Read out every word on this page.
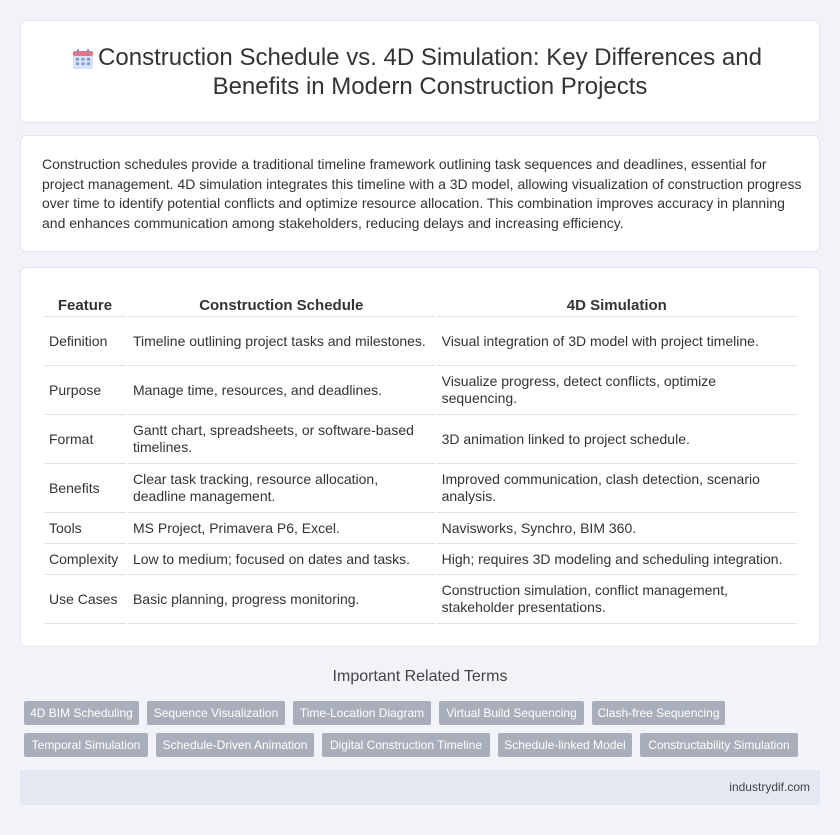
Construction Schedule vs. 4D Simulation: Key Differences and Benefits in Modern Construction Projects

Construction schedules provide a traditional timeline framework outlining task sequences and deadlines, essential for project management. 4D simulation integrates this timeline with a 3D model, allowing visualization of construction progress over time to identify potential conflicts and optimize resource allocation. This combination improves accuracy in planning and enhances communication among stakeholders, reducing delays and increasing efficiency.

Feature	Construction Schedule	4D Simulation
Definition	Timeline outlining project tasks and milestones.	Visual integration of 3D model with project timeline.
Purpose	Manage time, resources, and deadlines.	Visualize progress, detect conflicts, optimize sequencing.
Format	Gantt chart, spreadsheets, or software-based timelines.	3D animation linked to project schedule.
Benefits	Clear task tracking, resource allocation, deadline management.	Improved communication, clash detection, scenario analysis.
Tools	MS Project, Primavera P6, Excel.	Navisworks, Synchro, BIM 360.
Complexity	Low to medium; focused on dates and tasks.	High; requires 3D modeling and scheduling integration.
Use Cases	Basic planning, progress monitoring.	Construction simulation, conflict management, stakeholder presentations.
Important Related Terms
4D BIM Scheduling	Sequence Visualization	Time-Location Diagram	Virtual Build Sequencing	Clash-free Sequencing
Temporal Simulation	Schedule-Driven Animation	Digital Construction Timeline	Schedule-linked Model	Constructability Simulation
industrydif.com
